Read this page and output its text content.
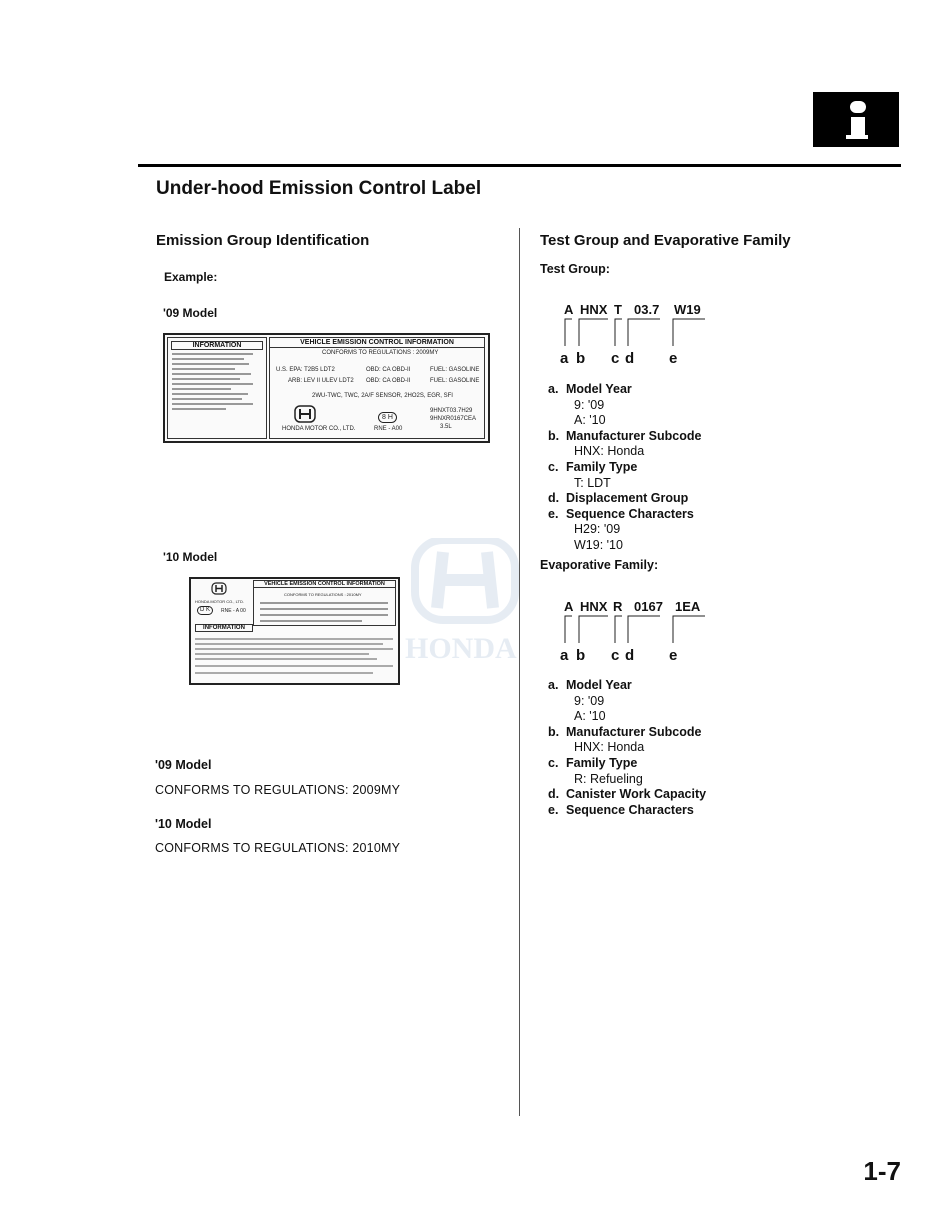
Under-hood Emission Control Label
Emission Group Identification
Example:
'09 Model
INFORMATION	VEHICLE EMISSION CONTROL INFORMATION
CONFORMS TO REGULATIONS : 2009MY
U.S. EPA: T2B5 LDT2	OBD: CA OBD-II	FUEL: GASOLINE
ARB: LEV II ULEV LDT2 OBD: CA OBD-II	FUEL: GASOLINE
2WU-TWC, TWC, 2A/F SENSOR, 2HO2S, EGR, SFI
HONDA MOTOR CO., LTD.
8 H
RNE - A00
9HNXT03.7H29
9HNXR0167CEA
3.5L
'10 Model
HONDA MOTOR CO., LTD.
D K	RNE - A 00
VEHICLE EMISSION CONTROL INFORMATION
CONFORMS TO REGULATIONS : 2010MY
INFORMATION
'09 Model
CONFORMS TO REGULATIONS: 2009MY
'10 Model
CONFORMS TO REGULATIONS: 2010MY
HONDA
Test Group and Evaporative Family
Test Group:
A HNX T 03.7 W19
a b c d e
a. Model Year
9: '09
A: '10
b. Manufacturer Subcode
HNX: Honda
c. Family Type
T: LDT
d. Displacement Group
e. Sequence Characters
H29: '09
W19: '10
Evaporative Family:
A HNX R 0167 1EA
a b c d e
a. Model Year
9: '09
A: '10
b. Manufacturer Subcode
HNX: Honda
c. Family Type
R: Refueling
d. Canister Work Capacity
e. Sequence Characters
1-7
